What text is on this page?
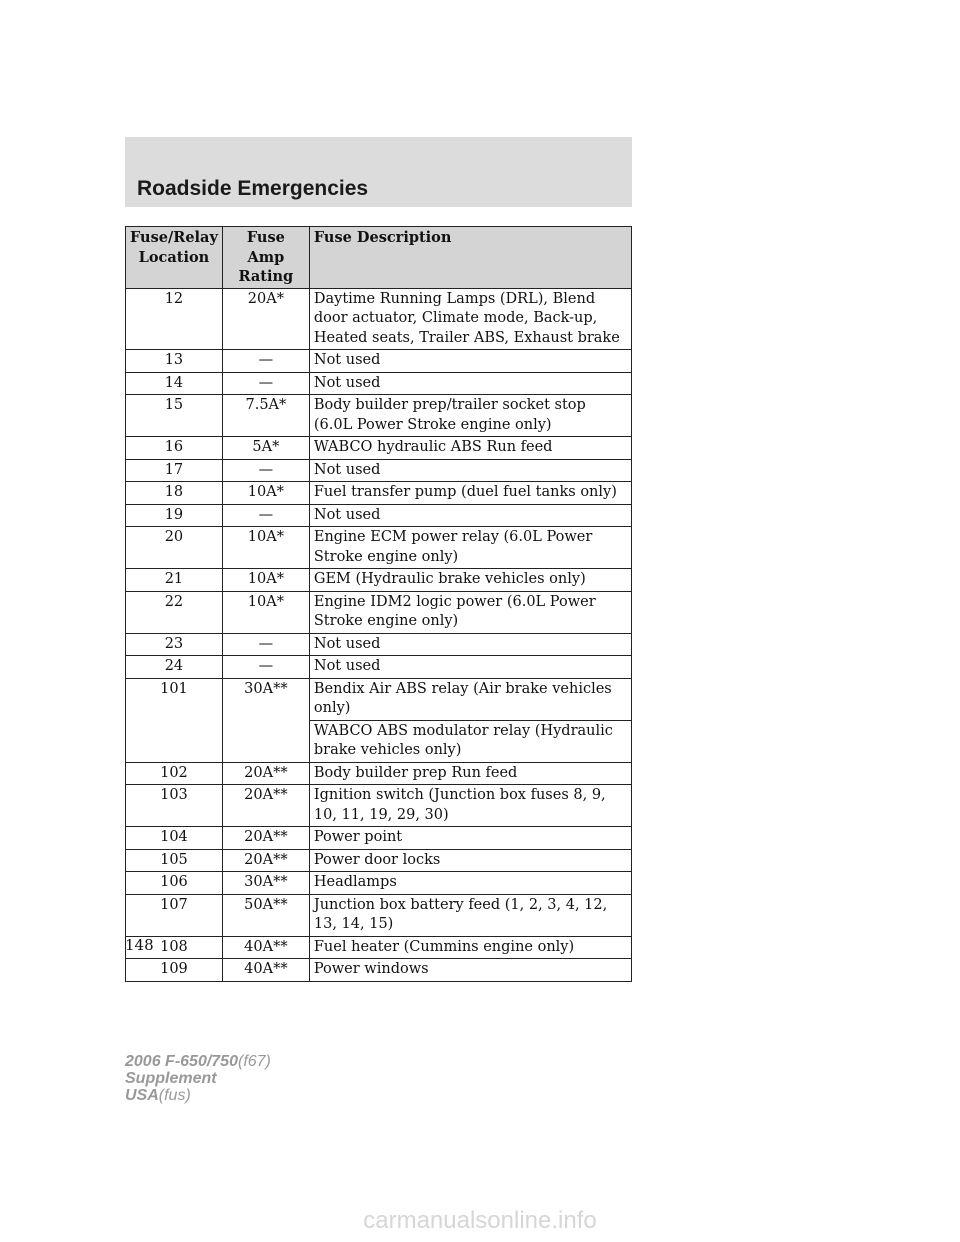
Roadside Emergencies
Fuse/Relay Location	Fuse Amp Rating	Fuse Description
12	20A*	Daytime Running Lamps (DRL), Blend door actuator, Climate mode, Back-up, Heated seats, Trailer ABS, Exhaust brake
13	—	Not used
14	—	Not used
15	7.5A*	Body builder prep/trailer socket stop (6.0L Power Stroke engine only)
16	5A*	WABCO hydraulic ABS Run feed
17	—	Not used
18	10A*	Fuel transfer pump (duel fuel tanks only)
19	—	Not used
20	10A*	Engine ECM power relay (6.0L Power Stroke engine only)
21	10A*	GEM (Hydraulic brake vehicles only)
22	10A*	Engine IDM2 logic power (6.0L Power Stroke engine only)
23	—	Not used
24	—	Not used
101	30A**	Bendix Air ABS relay (Air brake vehicles only)
		WABCO ABS modulator relay (Hydraulic brake vehicles only)
102	20A**	Body builder prep Run feed
103	20A**	Ignition switch (Junction box fuses 8, 9, 10, 11, 19, 29, 30)
104	20A**	Power point
105	20A**	Power door locks
106	30A**	Headlamps
107	50A**	Junction box battery feed (1, 2, 3, 4, 12, 13, 14, 15)
108	40A**	Fuel heater (Cummins engine only)
109	40A**	Power windows
148
2006 F-650/750(f67)
Supplement
USA(fus)
carmanualsonline.info
